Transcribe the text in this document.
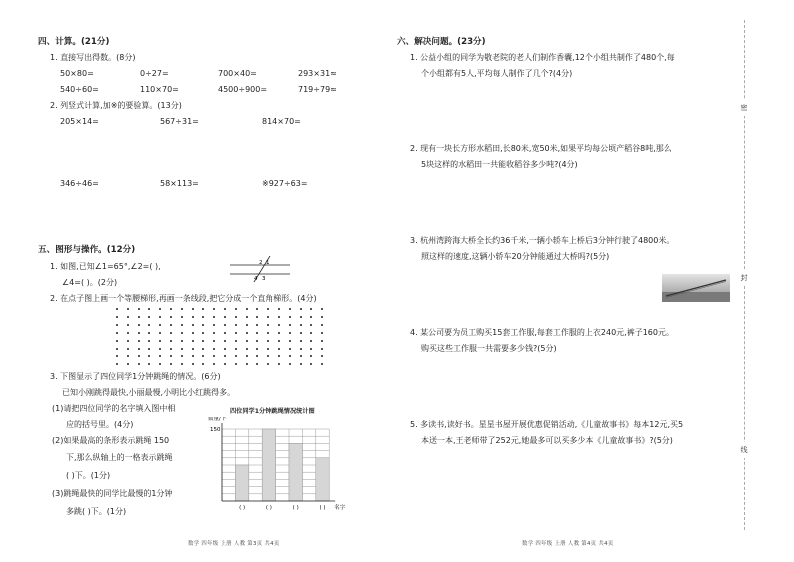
四、计算。(21分)
1. 直接写出得数。(8分)
50×80=	0÷27=	700×40=	293×31≈
540÷60=	110×70=	4500÷900=	719÷79≈
2. 列竖式计算,加※的要验算。(13分)
205×14=	567÷31=	814×70=
346÷46=	58×113=	※927÷63=
五、图形与操作。(12分)
1. 如图,已知∠1=65°,∠2=( ),
∠4=( )。(2分)
2 1
4 3
2. 在点子图上画一个等腰梯形,再画一条线段,把它分成一个直角梯形。(4分)
3. 下图显示了四位同学1分钟跳绳的情况。(6分)
已知小刚跳得最快,小丽最慢,小明比小红跳得多。
(1)请把四位同学的名字填入图中相
应的括号里。(4分)
(2)如果最高的条形表示跳绳 150
下,那么纵轴上的一格表示跳绳
( )下。(1分)
(3)跳绳最快的同学比最慢的1分钟
多跳( )下。(1分)
四位同学1分钟跳绳情况统计图
数量/下
150
名字
( )	( )	( )	( )
数学 四年级 上册 人教 第3页 共4页
六、解决问题。(23分)
1. 公益小组的同学为敬老院的老人们制作香囊,12个小组共制作了480个,每
个小组都有5人,平均每人制作了几个?(4分)
2. 现有一块长方形水稻田,长80米,宽50米,如果平均每公顷产稻谷8吨,那么
5块这样的水稻田一共能收稻谷多少吨?(4分)
3. 杭州湾跨海大桥全长约36千米,一辆小轿车上桥后3分钟行驶了4800米。
照这样的速度,这辆小轿车20分钟能通过大桥吗?(5分)
4. 某公司要为员工购买15套工作服,每套工作服的上衣240元,裤子160元。
购买这些工作服一共需要多少钱?(5分)
5. 多读书,读好书。星星书屋开展优惠促销活动,《儿童故事书》每本12元,买5
本送一本,王老师带了252元,她最多可以买多少本《儿童故事书》?(5分)
数学 四年级 上册 人教 第4页 共4页
密
封
线
